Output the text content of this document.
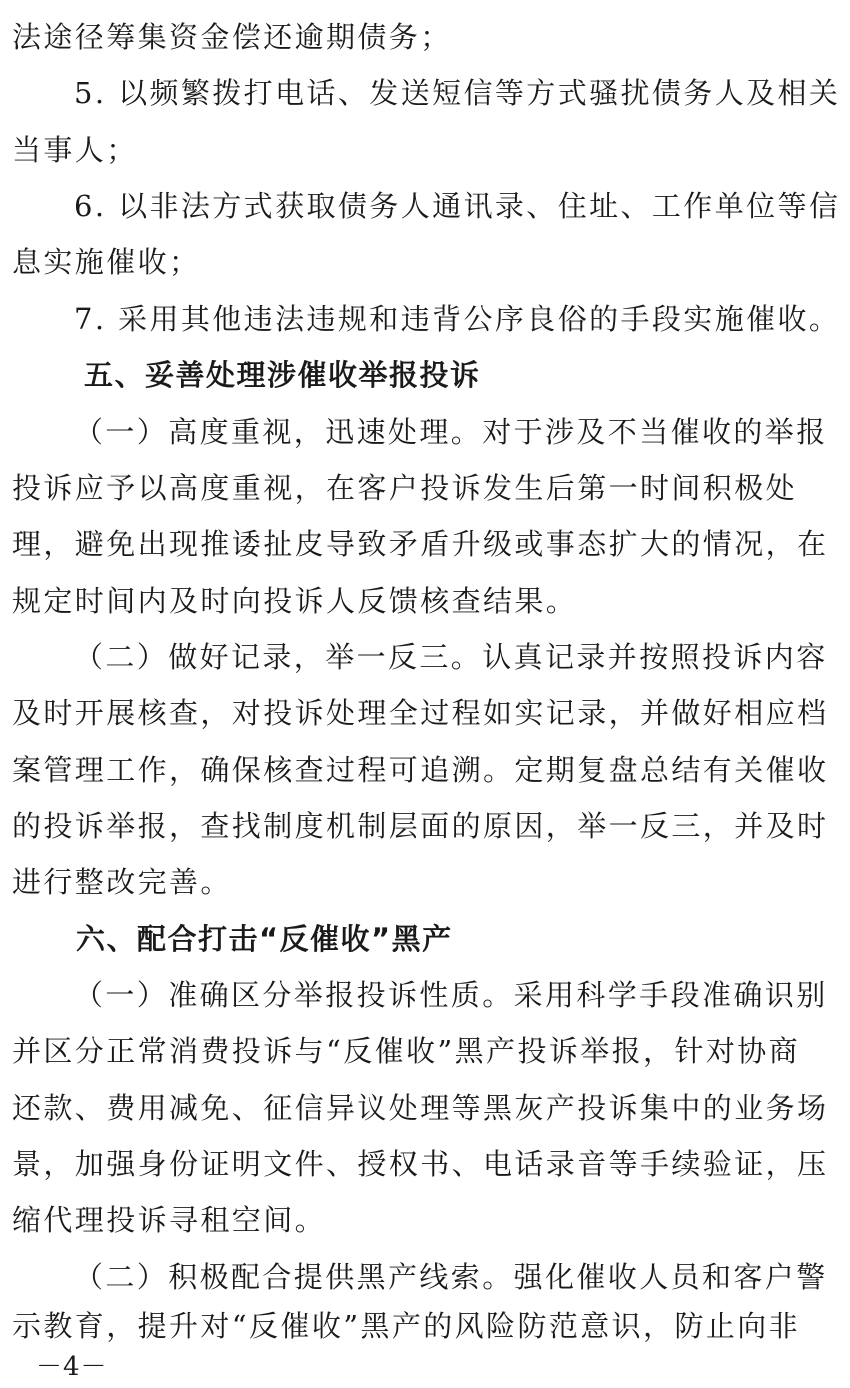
法途径筹集资金偿还逾期债务；
5. 以频繁拨打电话、发送短信等方式骚扰债务人及相关
当事人；
6. 以非法方式获取债务人通讯录、住址、工作单位等信
息实施催收；
7. 采用其他违法违规和违背公序良俗的手段实施催收。
五、妥善处理涉催收举报投诉
（一）高度重视，迅速处理。对于涉及不当催收的举报
投诉应予以高度重视，在客户投诉发生后第一时间积极处
理，避免出现推诿扯皮导致矛盾升级或事态扩大的情况，在
规定时间内及时向投诉人反馈核查结果。
（二）做好记录，举一反三。认真记录并按照投诉内容
及时开展核查，对投诉处理全过程如实记录，并做好相应档
案管理工作，确保核查过程可追溯。定期复盘总结有关催收
的投诉举报，查找制度机制层面的原因，举一反三，并及时
进行整改完善。
六、配合打击“反催收”黑产
（一）准确区分举报投诉性质。采用科学手段准确识别
并区分正常消费投诉与“反催收”黑产投诉举报，针对协商
还款、费用减免、征信异议处理等黑灰产投诉集中的业务场
景，加强身份证明文件、授权书、电话录音等手续验证，压
缩代理投诉寻租空间。
（二）积极配合提供黑产线索。强化催收人员和客户警
示教育，提升对“反催收”黑产的风险防范意识，防止向非
－4－
